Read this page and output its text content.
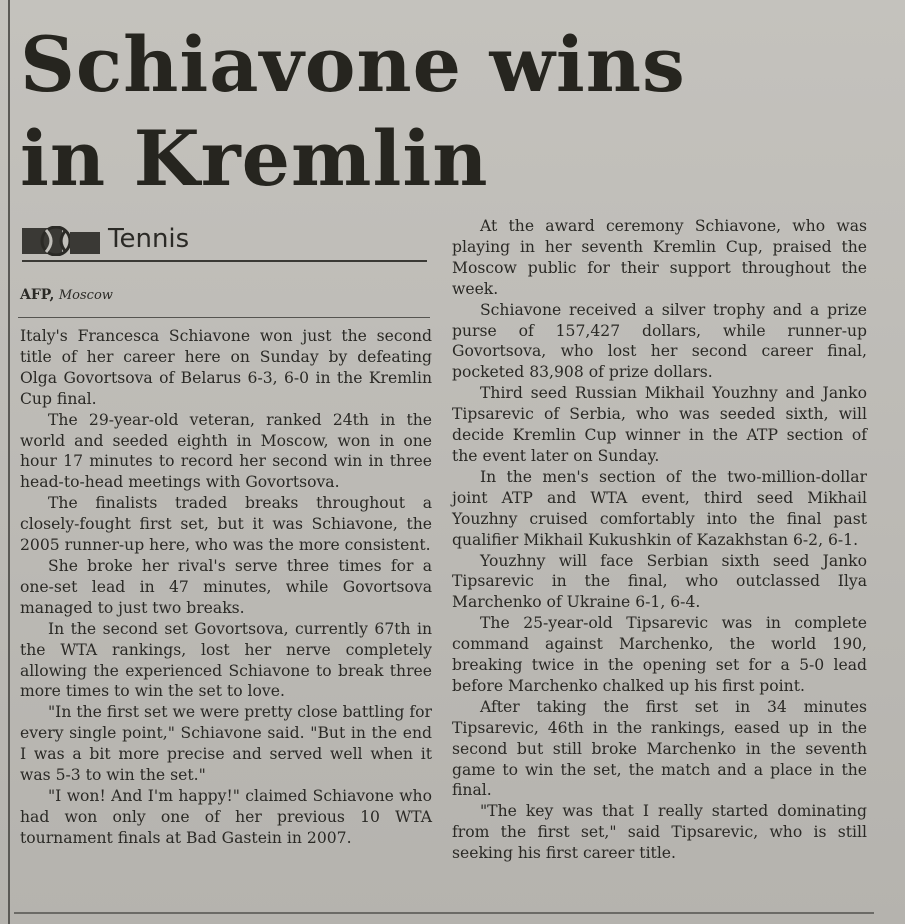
Schiavone wins
in Kremlin
Tennis
AFP, Moscow

Italy's Francesca Schiavone won just the second title of her career here on Sunday by defeating Olga Govortsova of Belarus 6-3, 6-0 in the Kremlin Cup final.

The 29-year-old veteran, ranked 24th in the world and seeded eighth in Moscow, won in one hour 17 minutes to record her second win in three head-to-head meetings with Govortsova.

The finalists traded breaks throughout a closely-fought first set, but it was Schiavone, the 2005 runner-up here, who was the more consistent.

She broke her rival's serve three times for a one-set lead in 47 minutes, while Govortsova managed to just two breaks.

In the second set Govortsova, currently 67th in the WTA rankings, lost her nerve completely allowing the experienced Schiavone to break three more times to win the set to love.

"In the first set we were pretty close battling for every single point," Schiavone said. "But in the end I was a bit more precise and served well when it was 5-3 to win the set."

"I won! And I'm happy!" claimed Schiavone who had won only one of her previous 10 WTA tournament finals at Bad Gastein in 2007.

At the award ceremony Schiavone, who was playing in her seventh Kremlin Cup, praised the Moscow public for their support throughout the week.

Schiavone received a silver trophy and a prize purse of 157,427 dollars, while runner-up Govortsova, who lost her second career final, pocketed 83,908 of prize dollars.

Third seed Russian Mikhail Youzhny and Janko Tipsarevic of Serbia, who was seeded sixth, will decide Kremlin Cup winner in the ATP section of the event later on Sunday.

In the men's section of the two-million-dollar joint ATP and WTA event, third seed Mikhail Youzhny cruised comfortably into the final past qualifier Mikhail Kukushkin of Kazakhstan 6-2, 6-1.

Youzhny will face Serbian sixth seed Janko Tipsarevic in the final, who outclassed Ilya Marchenko of Ukraine 6-1, 6-4.

The 25-year-old Tipsarevic was in complete command against Marchenko, the world 190, breaking twice in the opening set for a 5-0 lead before Marchenko chalked up his first point.

After taking the first set in 34 minutes Tipsarevic, 46th in the rankings, eased up in the second but still broke Marchenko in the seventh game to win the set, the match and a place in the final.

"The key was that I really started dominating from the first set," said Tipsarevic, who is still seeking his first career title.
